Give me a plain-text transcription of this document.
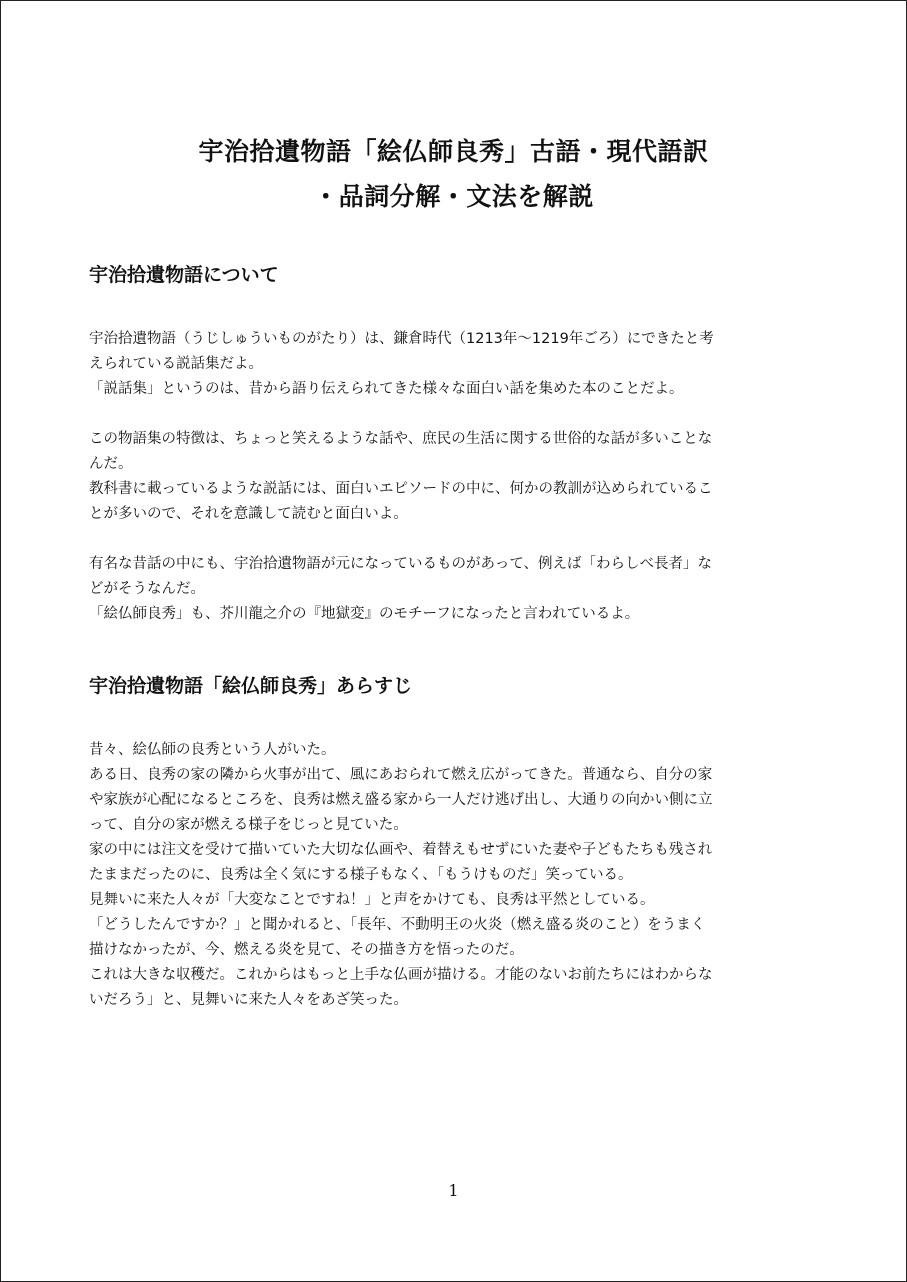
宇治拾遺物語「絵仏師良秀」古語・現代語訳
・品詞分解・文法を解説
宇治拾遺物語について
宇治拾遺物語（うじしゅういものがたり）は、鎌倉時代（1213年～1219年ごろ）にできたと考
えられている説話集だよ。
「説話集」というのは、昔から語り伝えられてきた様々な面白い話を集めた本のことだよ。
この物語集の特徴は、ちょっと笑えるような話や、庶民の生活に関する世俗的な話が多いことな
んだ。
教科書に載っているような説話には、面白いエピソードの中に、何かの教訓が込められているこ
とが多いので、それを意識して読むと面白いよ。
有名な昔話の中にも、宇治拾遺物語が元になっているものがあって、例えば「わらしべ長者」な
どがそうなんだ。
「絵仏師良秀」も、芥川龍之介の『地獄変』のモチーフになったと言われているよ。
宇治拾遺物語「絵仏師良秀」あらすじ
昔々、絵仏師の良秀という人がいた。
ある日、良秀の家の隣から火事が出て、風にあおられて燃え広がってきた。普通なら、自分の家
や家族が心配になるところを、良秀は燃え盛る家から一人だけ逃げ出し、大通りの向かい側に立
って、自分の家が燃える様子をじっと見ていた。
家の中には注文を受けて描いていた大切な仏画や、着替えもせずにいた妻や子どもたちも残され
たままだったのに、良秀は全く気にする様子もなく、「もうけものだ」笑っている。
見舞いに来た人々が「大変なことですね！」と声をかけても、良秀は平然としている。
「どうしたんですか？」と聞かれると、「長年、不動明王の火炎（燃え盛る炎のこと）をうまく
描けなかったが、今、燃える炎を見て、その描き方を悟ったのだ。
これは大きな収穫だ。これからはもっと上手な仏画が描ける。才能のないお前たちにはわからな
いだろう」と、見舞いに来た人々をあざ笑った。
1
